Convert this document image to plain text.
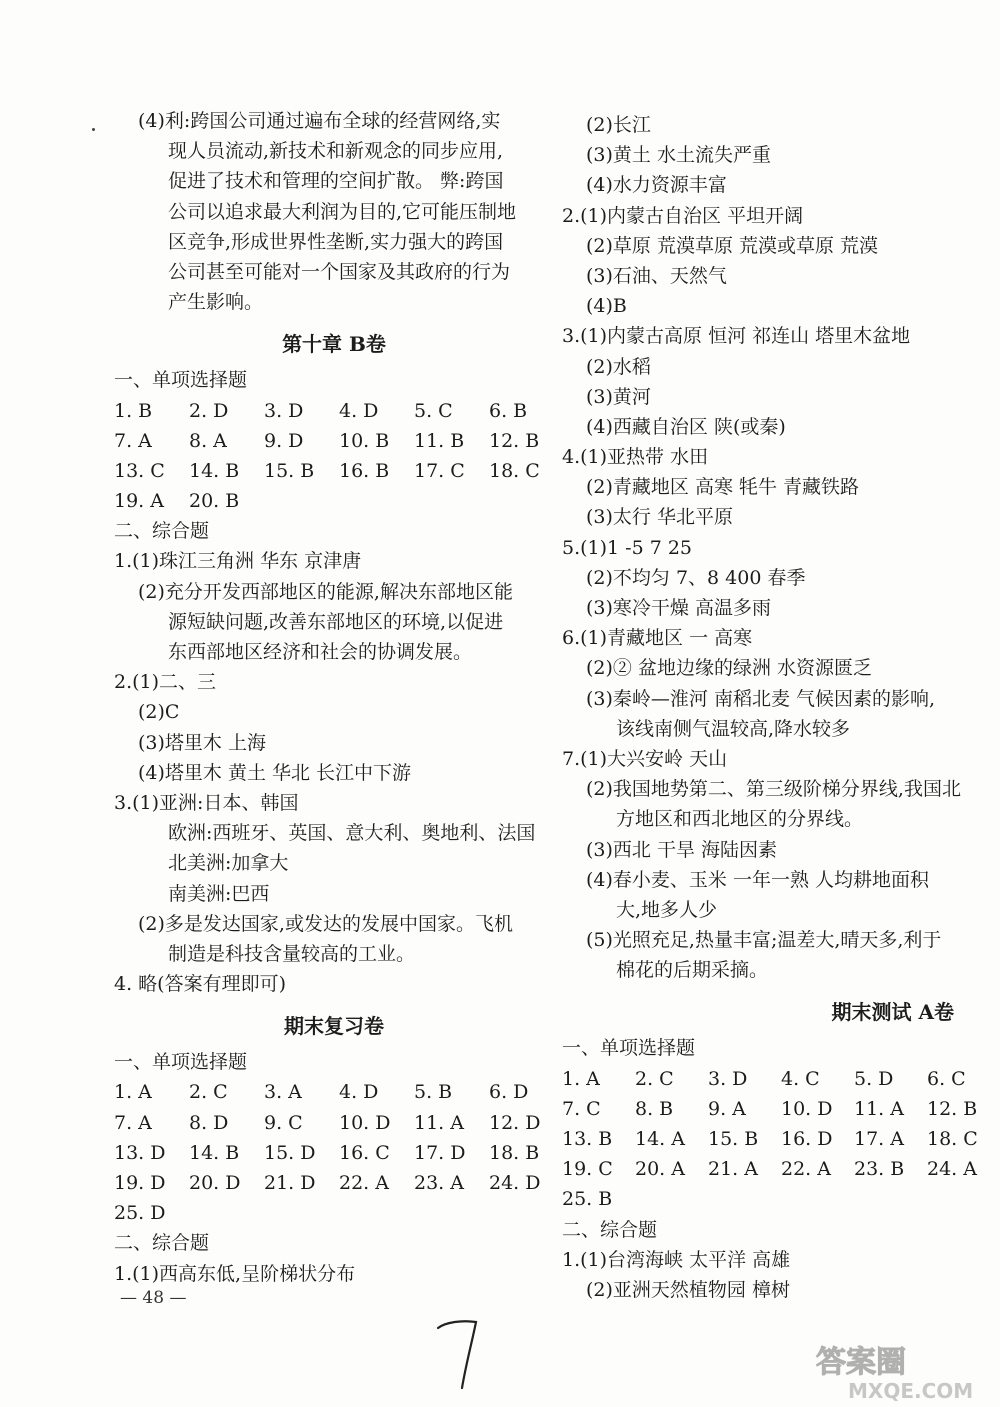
(4)利:跨国公司通过遍布全球的经营网络,实
现人员流动,新技术和新观念的同步应用,
促进了技术和管理的空间扩散。 弊:跨国
公司以追求最大利润为目的,它可能压制地
区竞争,形成世界性垄断,实力强大的跨国
公司甚至可能对一个国家及其政府的行为
产生影响。
第十章 B卷
一、单项选择题
1. B	2. D	3. D	4. D	5. C	6. B
7. A	8. A	9. D	10. B	11. B	12. B
13. C	14. B	15. B	16. B	17. C	18. C
19. A	20. B
二、综合题
1.(1)珠江三角洲 华东 京津唐
(2)充分开发西部地区的能源,解决东部地区能
源短缺问题,改善东部地区的环境,以促进
东西部地区经济和社会的协调发展。
2.(1)二、三
(2)C
(3)塔里木 上海
(4)塔里木 黄土 华北 长江中下游
3.(1)亚洲:日本、韩国
欧洲:西班牙、英国、意大利、奥地利、法国
北美洲:加拿大
南美洲:巴西
(2)多是发达国家,或发达的发展中国家。飞机
制造是科技含量较高的工业。
4. 略(答案有理即可)
期末复习卷
一、单项选择题
1. A	2. C	3. A	4. D	5. B	6. D
7. A	8. D	9. C	10. D	11. A	12. D
13. D	14. B	15. D	16. C	17. D	18. B
19. D	20. D	21. D	22. A	23. A	24. D
25. D
二、综合题
1.(1)西高东低,呈阶梯状分布
(2)长江
(3)黄土 水土流失严重
(4)水力资源丰富
2.(1)内蒙古自治区 平坦开阔
(2)草原 荒漠草原 荒漠或草原 荒漠
(3)石油、天然气
(4)B
3.(1)内蒙古高原 恒河 祁连山 塔里木盆地
(2)水稻
(3)黄河
(4)西藏自治区 陕(或秦)
4.(1)亚热带 水田
(2)青藏地区 高寒 牦牛 青藏铁路
(3)太行 华北平原
5.(1)1 -5 7 25
(2)不均匀 7、8 400 春季
(3)寒冷干燥 高温多雨
6.(1)青藏地区 一 高寒
(2)② 盆地边缘的绿洲 水资源匮乏
(3)秦岭—淮河 南稻北麦 气候因素的影响,
该线南侧气温较高,降水较多
7.(1)大兴安岭 天山
(2)我国地势第二、第三级阶梯分界线,我国北
方地区和西北地区的分界线。
(3)西北 干旱 海陆因素
(4)春小麦、玉米 一年一熟 人均耕地面积
大,地多人少
(5)光照充足,热量丰富;温差大,晴天多,利于
棉花的后期采摘。
期末测试 A卷
一、单项选择题
1. A	2. C	3. D	4. C	5. D	6. C
7. C	8. B	9. A	10. D	11. A	12. B
13. B	14. A	15. B	16. D	17. A	18. C
19. C	20. A	21. A	22. A	23. B	24. A
25. B
二、综合题
1.(1)台湾海峡 太平洋 高雄
(2)亚洲天然植物园 樟树
— 48 —
答案圈
MXQE.COM
